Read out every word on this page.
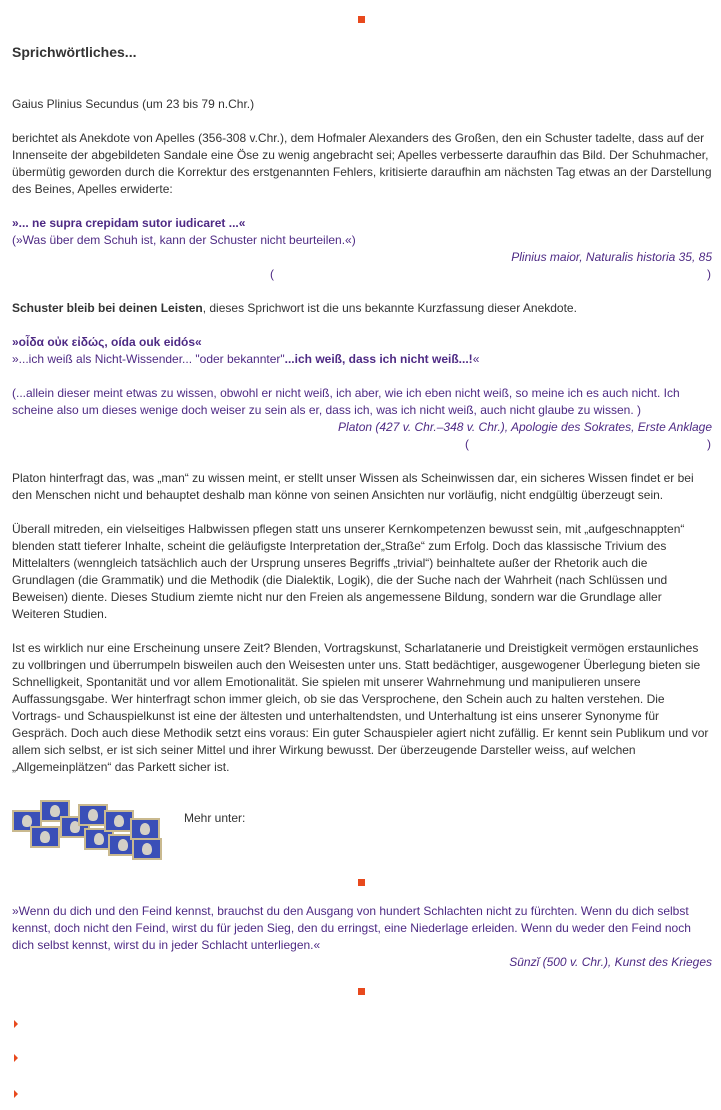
Sprichwörtliches...

Gaius Plinius Secundus (um 23 bis 79 n.Chr.)

berichtet als Anekdote von Apelles (356-308 v.Chr.), dem Hofmaler Alexanders des Großen, den ein Schuster tadelte, dass auf der Innenseite der abgebildeten Sandale eine Öse zu wenig angebracht sei; Apelles verbesserte daraufhin das Bild. Der Schuhmacher, übermütig geworden durch die Korrektur des erstgenannten Fehlers, kritisierte daraufhin am nächsten Tag etwas an der Darstellung des Beines, Apelles erwiderte:

»... ne supra crepidam sutor iudicaret ...«

(»Was über dem Schuh ist, kann der Schuster nicht beurteilen.«)

Plinius maior, Naturalis historia 35, 85
(	)

Schuster bleib bei deinen Leisten, dieses Sprichwort ist die uns bekannte Kurzfassung dieser Anekdote.

»οἶδα οὐκ εἰδώς, oída ouk eidós«

»...ich weiß als Nicht-Wissender... "oder bekannter"...ich weiß, dass ich nicht weiß...!«

(...allein dieser meint etwas zu wissen, obwohl er nicht weiß, ich aber, wie ich eben nicht weiß, so meine ich es auch nicht. Ich scheine also um dieses wenige doch weiser zu sein als er, dass ich, was ich nicht weiß, auch nicht glaube zu wissen. )

Platon (427 v. Chr.–348 v. Chr.), Apologie des Sokrates, Erste Anklage
(	)

Platon hinterfragt das, was „man“ zu wissen meint, er stellt unser Wissen als Scheinwissen dar, ein sicheres Wissen findet er bei den Menschen nicht und behauptet deshalb man könne von seinen Ansichten nur vorläufig, nicht endgültig überzeugt sein.

Überall mitreden, ein vielseitiges Halbwissen pflegen statt uns unserer Kernkompetenzen bewusst sein, mit „aufgeschnappten“ blenden statt tieferer Inhalte, scheint die geläufigste Interpretation der„Straße“ zum Erfolg. Doch das klassische Trivium des Mittelalters (wenngleich tatsächlich auch der Ursprung unseres Begriffs „trivial“) beinhaltete außer der Rhetorik auch die Grundlagen (die Grammatik) und die Methodik (die Dialektik, Logik), die der Suche nach der Wahrheit (nach Schlüssen und Beweisen) diente. Dieses Studium ziemte nicht nur den Freien als angemessene Bildung, sondern war die Grundlage aller Weiteren Studien.

Ist es wirklich nur eine Erscheinung unsere Zeit? Blenden, Vortragskunst, Scharlatanerie und Dreistigkeit vermögen erstaunliches zu vollbringen und überrumpeln bisweilen auch den Weisesten unter uns. Statt bedächtiger, ausgewogener Überlegung bieten sie Schnelligkeit, Spontanität und vor allem Emotionalität. Sie spielen mit unserer Wahrnehmung und manipulieren unsere Auffassungsgabe. Wer hinterfragt schon immer gleich, ob sie das Versprochene, den Schein auch zu halten verstehen. Die Vortrags- und Schauspielkunst ist eine der ältesten und unterhaltendsten, und Unterhaltung ist eins unserer Synonyme für Gespräch. Doch auch diese Methodik setzt eins voraus: Ein guter Schauspieler agiert nicht zufällig. Er kennt sein Publikum und vor allem sich selbst, er ist sich seiner Mittel und ihrer Wirkung bewusst. Der überzeugende Darsteller weiss, auf welchen „Allgemeinplätzen“ das Parkett sicher ist.

Mehr unter:

»Wenn du dich und den Feind kennst, brauchst du den Ausgang von hundert Schlachten nicht zu fürchten. Wenn du dich selbst kennst, doch nicht den Feind, wirst du für jeden Sieg, den du erringst, eine Niederlage erleiden. Wenn du weder den Feind noch dich selbst kennst, wirst du in jeder Schlacht unterliegen.«

Sūnzǐ (500 v. Chr.), Kunst des Krieges
